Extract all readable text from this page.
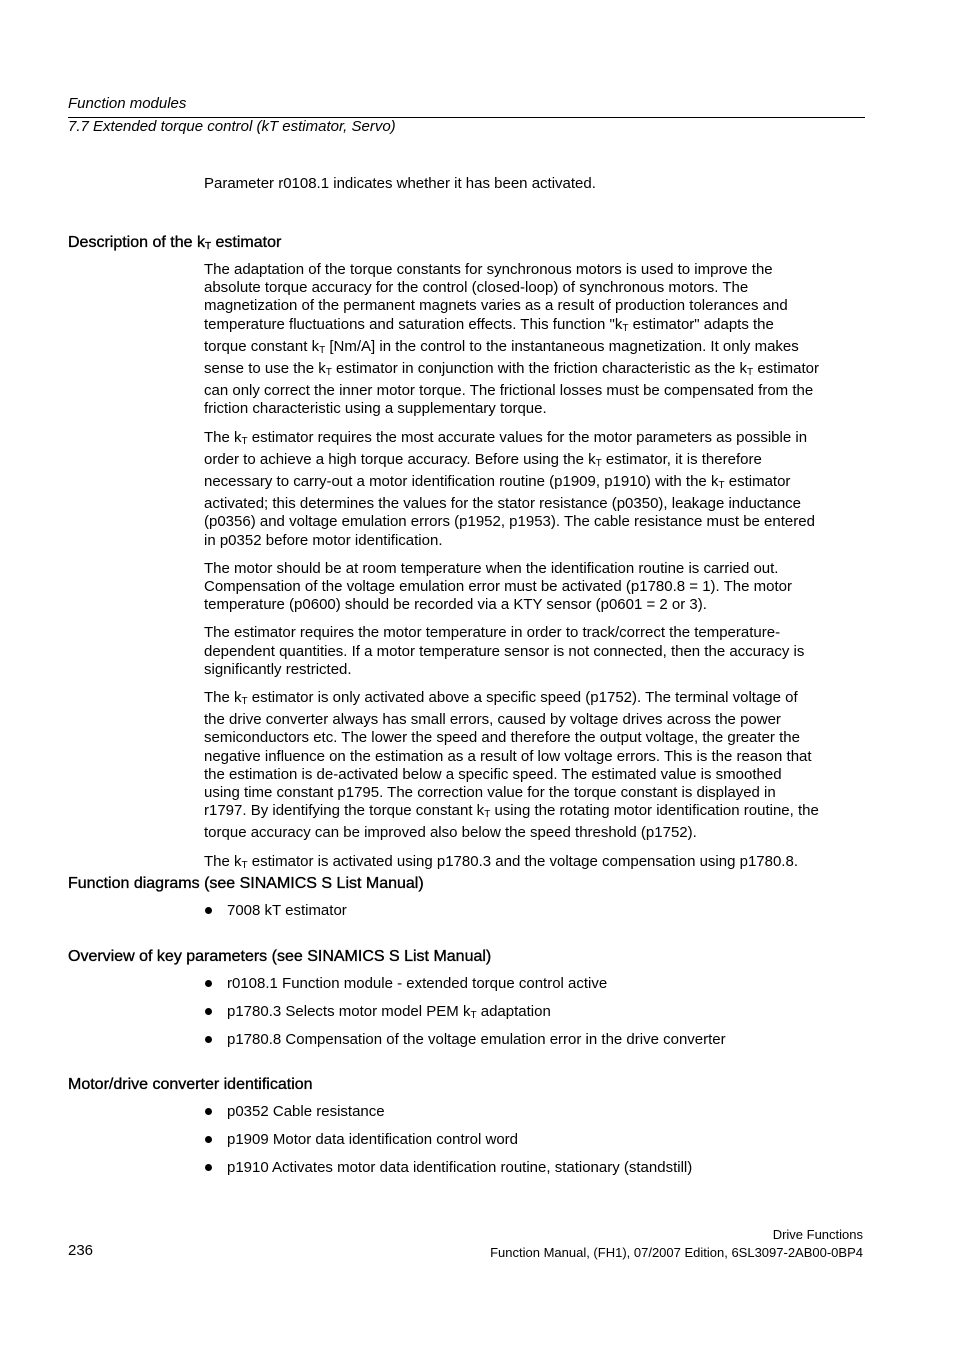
Function modules
7.7 Extended torque control (kT estimator, Servo)
Parameter r0108.1 indicates whether it has been activated.
Description of the $k_T$ estimator

The adaptation of the torque constants for synchronous motors is used to improve the
absolute torque accuracy for the control (closed-loop) of synchronous motors. The
magnetization of the permanent magnets varies as a result of production tolerances and
temperature fluctuations and saturation effects. This function "$k_T$ estimator" adapts the
torque constant $k_T$ [Nm/A] in the control to the instantaneous magnetization. It only makes
sense to use the $k_T$ estimator in conjunction with the friction characteristic as the $k_T$ estimator
can only correct the inner motor torque. The frictional losses must be compensated from the
friction characteristic using a supplementary torque.

The $k_T$ estimator requires the most accurate values for the motor parameters as possible in
order to achieve a high torque accuracy. Before using the $k_T$ estimator, it is therefore
necessary to carry-out a motor identification routine (p1909, p1910) with the $k_T$ estimator
activated; this determines the values for the stator resistance (p0350), leakage inductance
(p0356) and voltage emulation errors (p1952, p1953). The cable resistance must be entered
in p0352 before motor identification.

The motor should be at room temperature when the identification routine is carried out.
Compensation of the voltage emulation error must be activated (p1780.8 = 1). The motor
temperature (p0600) should be recorded via a KTY sensor (p0601 = 2 or 3).

The estimator requires the motor temperature in order to track/correct the temperature-
dependent quantities. If a motor temperature sensor is not connected, then the accuracy is
significantly restricted.

The $k_T$ estimator is only activated above a specific speed (p1752). The terminal voltage of
the drive converter always has small errors, caused by voltage drives across the power
semiconductors etc. The lower the speed and therefore the output voltage, the greater the
negative influence on the estimation as a result of low voltage errors. This is the reason that
the estimation is de-activated below a specific speed. The estimated value is smoothed
using time constant p1795. The correction value for the torque constant is displayed in
r1797. By identifying the torque constant $k_T$ using the rotating motor identification routine, the
torque accuracy can be improved also below the speed threshold (p1752).

The $k_T$ estimator is activated using p1780.3 and the voltage compensation using p1780.8.

Function diagrams (see SINAMICS S List Manual)
7008 kT estimator
Overview of key parameters (see SINAMICS S List Manual)
r0108.1 Function module - extended torque control active
p1780.3 Selects motor model PEM $k_T$ adaptation
p1780.8 Compensation of the voltage emulation error in the drive converter
Motor/drive converter identification
p0352 Cable resistance
p1909 Motor data identification control word
p1910 Activates motor data identification routine, stationary (standstill)
Drive Functions
236	Function Manual, (FH1), 07/2007 Edition, 6SL3097-2AB00-0BP4
